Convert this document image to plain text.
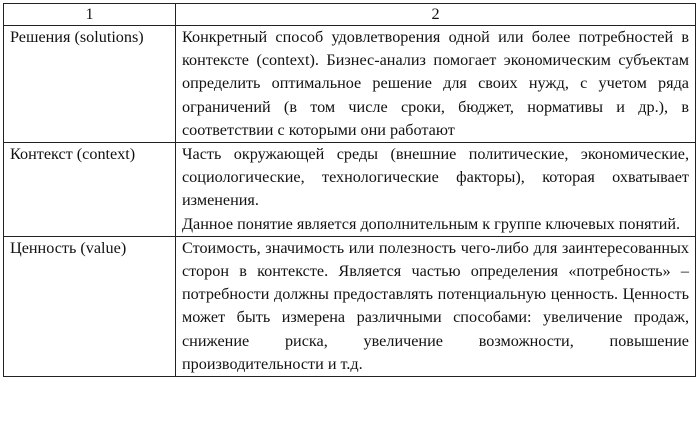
1	2
Решения (solutions)	Конкретный способ удовлетворения одной или более потребностей в контексте (context). Бизнес-анализ помогает экономическим субъектам определить оптимальное решение для своих нужд, с учетом ряда ограничений (в том числе сроки, бюджет, нормативы и др.), в соответствии с которыми они работают

Контекст (context)	Часть окружающей среды (внешние политические, экономические, социологические, технологические факторы), которая охватывает изменения.

Данное понятие является дополнительным к группе ключевых понятий.

Ценность (value)	Стоимость, значимость или полезность чего-либо для заинтересованных сторон в контексте. Является частью определения «потребность» – потребности должны предоставлять потенциальную ценность. Ценность может быть измерена различными способами: увеличение продаж, снижение риска, увеличение возможности, повышение производительности и т.д.
